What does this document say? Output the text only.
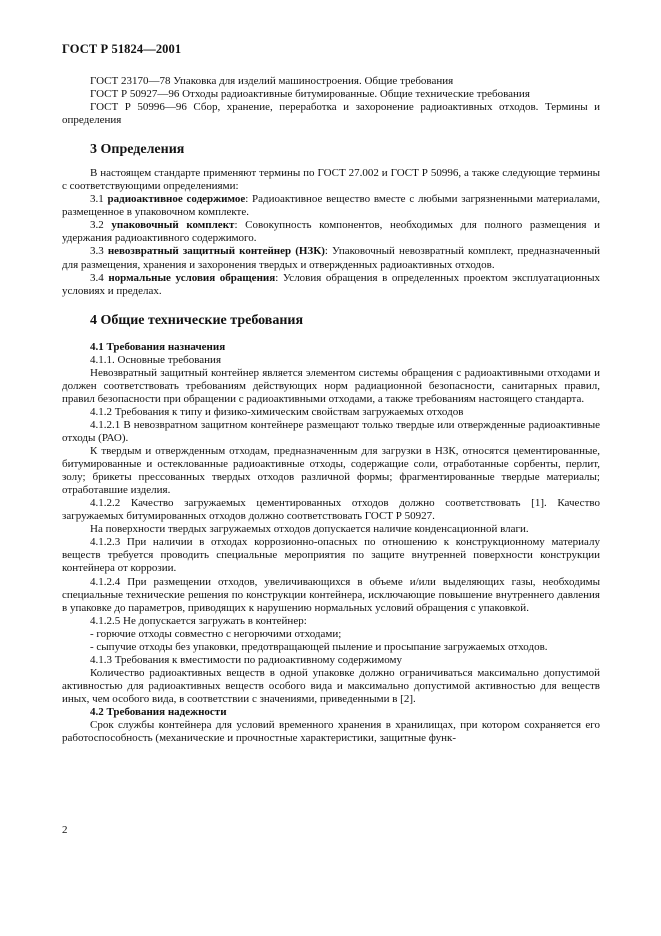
ГОСТ Р 51824—2001

ГОСТ 23170—78 Упаковка для изделий машиностроения. Общие требования

ГОСТ Р 50927—96 Отходы радиоактивные битумированные. Общие технические требования

ГОСТ Р 50996—96 Сбор, хранение, переработка и захоронение радиоактивных отходов. Термины и определения

3 Определения

В настоящем стандарте применяют термины по ГОСТ 27.002 и ГОСТ Р 50996, а также следующие термины с соответствующими определениями:

3.1 радиоактивное содержимое: Радиоактивное вещество вместе с любыми загрязненными материалами, размещенное в упаковочном комплекте.

3.2 упаковочный комплект: Совокупность компонентов, необходимых для полного размещения и удержания радиоактивного содержимого.

3.3 невозвратный защитный контейнер (НЗК): Упаковочный невозвратный комплект, предназначенный для размещения, хранения и захоронения твердых и отвержденных радиоактивных отходов.

3.4 нормальные условия обращения: Условия обращения в определенных проектом эксплуатационных условиях и пределах.

4 Общие технические требования

4.1 Требования назначения

4.1.1. Основные требования

Невозвратный защитный контейнер является элементом системы обращения с радиоактивными отходами и должен соответствовать требованиям действующих норм радиационной безопасности, санитарных правил, правил безопасности при обращении с радиоактивными отходами, а также требованиям настоящего стандарта.

4.1.2 Требования к типу и физико-химическим свойствам загружаемых отходов

4.1.2.1 В невозвратном защитном контейнере размещают только твердые или отвержденные радиоактивные отходы (РАО).

К твердым и отвержденным отходам, предназначенным для загрузки в НЗК, относятся цементированные, битумированные и остеклованные радиоактивные отходы, содержащие соли, отработанные сорбенты, перлит, золу; брикеты прессованных твердых отходов различной формы; фрагментированные твердые материалы; отработавшие изделия.

4.1.2.2 Качество загружаемых цементированных отходов должно соответствовать [1]. Качество загружаемых битумированных отходов должно соответствовать ГОСТ Р 50927.

На поверхности твердых загружаемых отходов допускается наличие конденсационной влаги.

4.1.2.3 При наличии в отходах коррозионно-опасных по отношению к конструкционному материалу веществ требуется проводить специальные мероприятия по защите внутренней поверхности конструкции контейнера от коррозии.

4.1.2.4 При размещении отходов, увеличивающихся в объеме и/или выделяющих газы, необходимы специальные технические решения по конструкции контейнера, исключающие повышение внутреннего давления в упаковке до параметров, приводящих к нарушению нормальных условий обращения с упаковкой.

4.1.2.5 Не допускается загружать в контейнер:

- горючие отходы совместно с негорючими отходами;

- сыпучие отходы без упаковки, предотвращающей пыление и просыпание загружаемых отходов.

4.1.3 Требования к вместимости по радиоактивному содержимому

Количество радиоактивных веществ в одной упаковке должно ограничиваться максимально допустимой активностью для радиоактивных веществ особого вида и максимально допустимой активностью для веществ иных, чем особого вида, в соответствии с значениями, приведенными в [2].

4.2 Требования надежности

Срок службы контейнера для условий временного хранения в хранилищах, при котором сохраняется его работоспособность (механические и прочностные характеристики, защитные функ-

2
